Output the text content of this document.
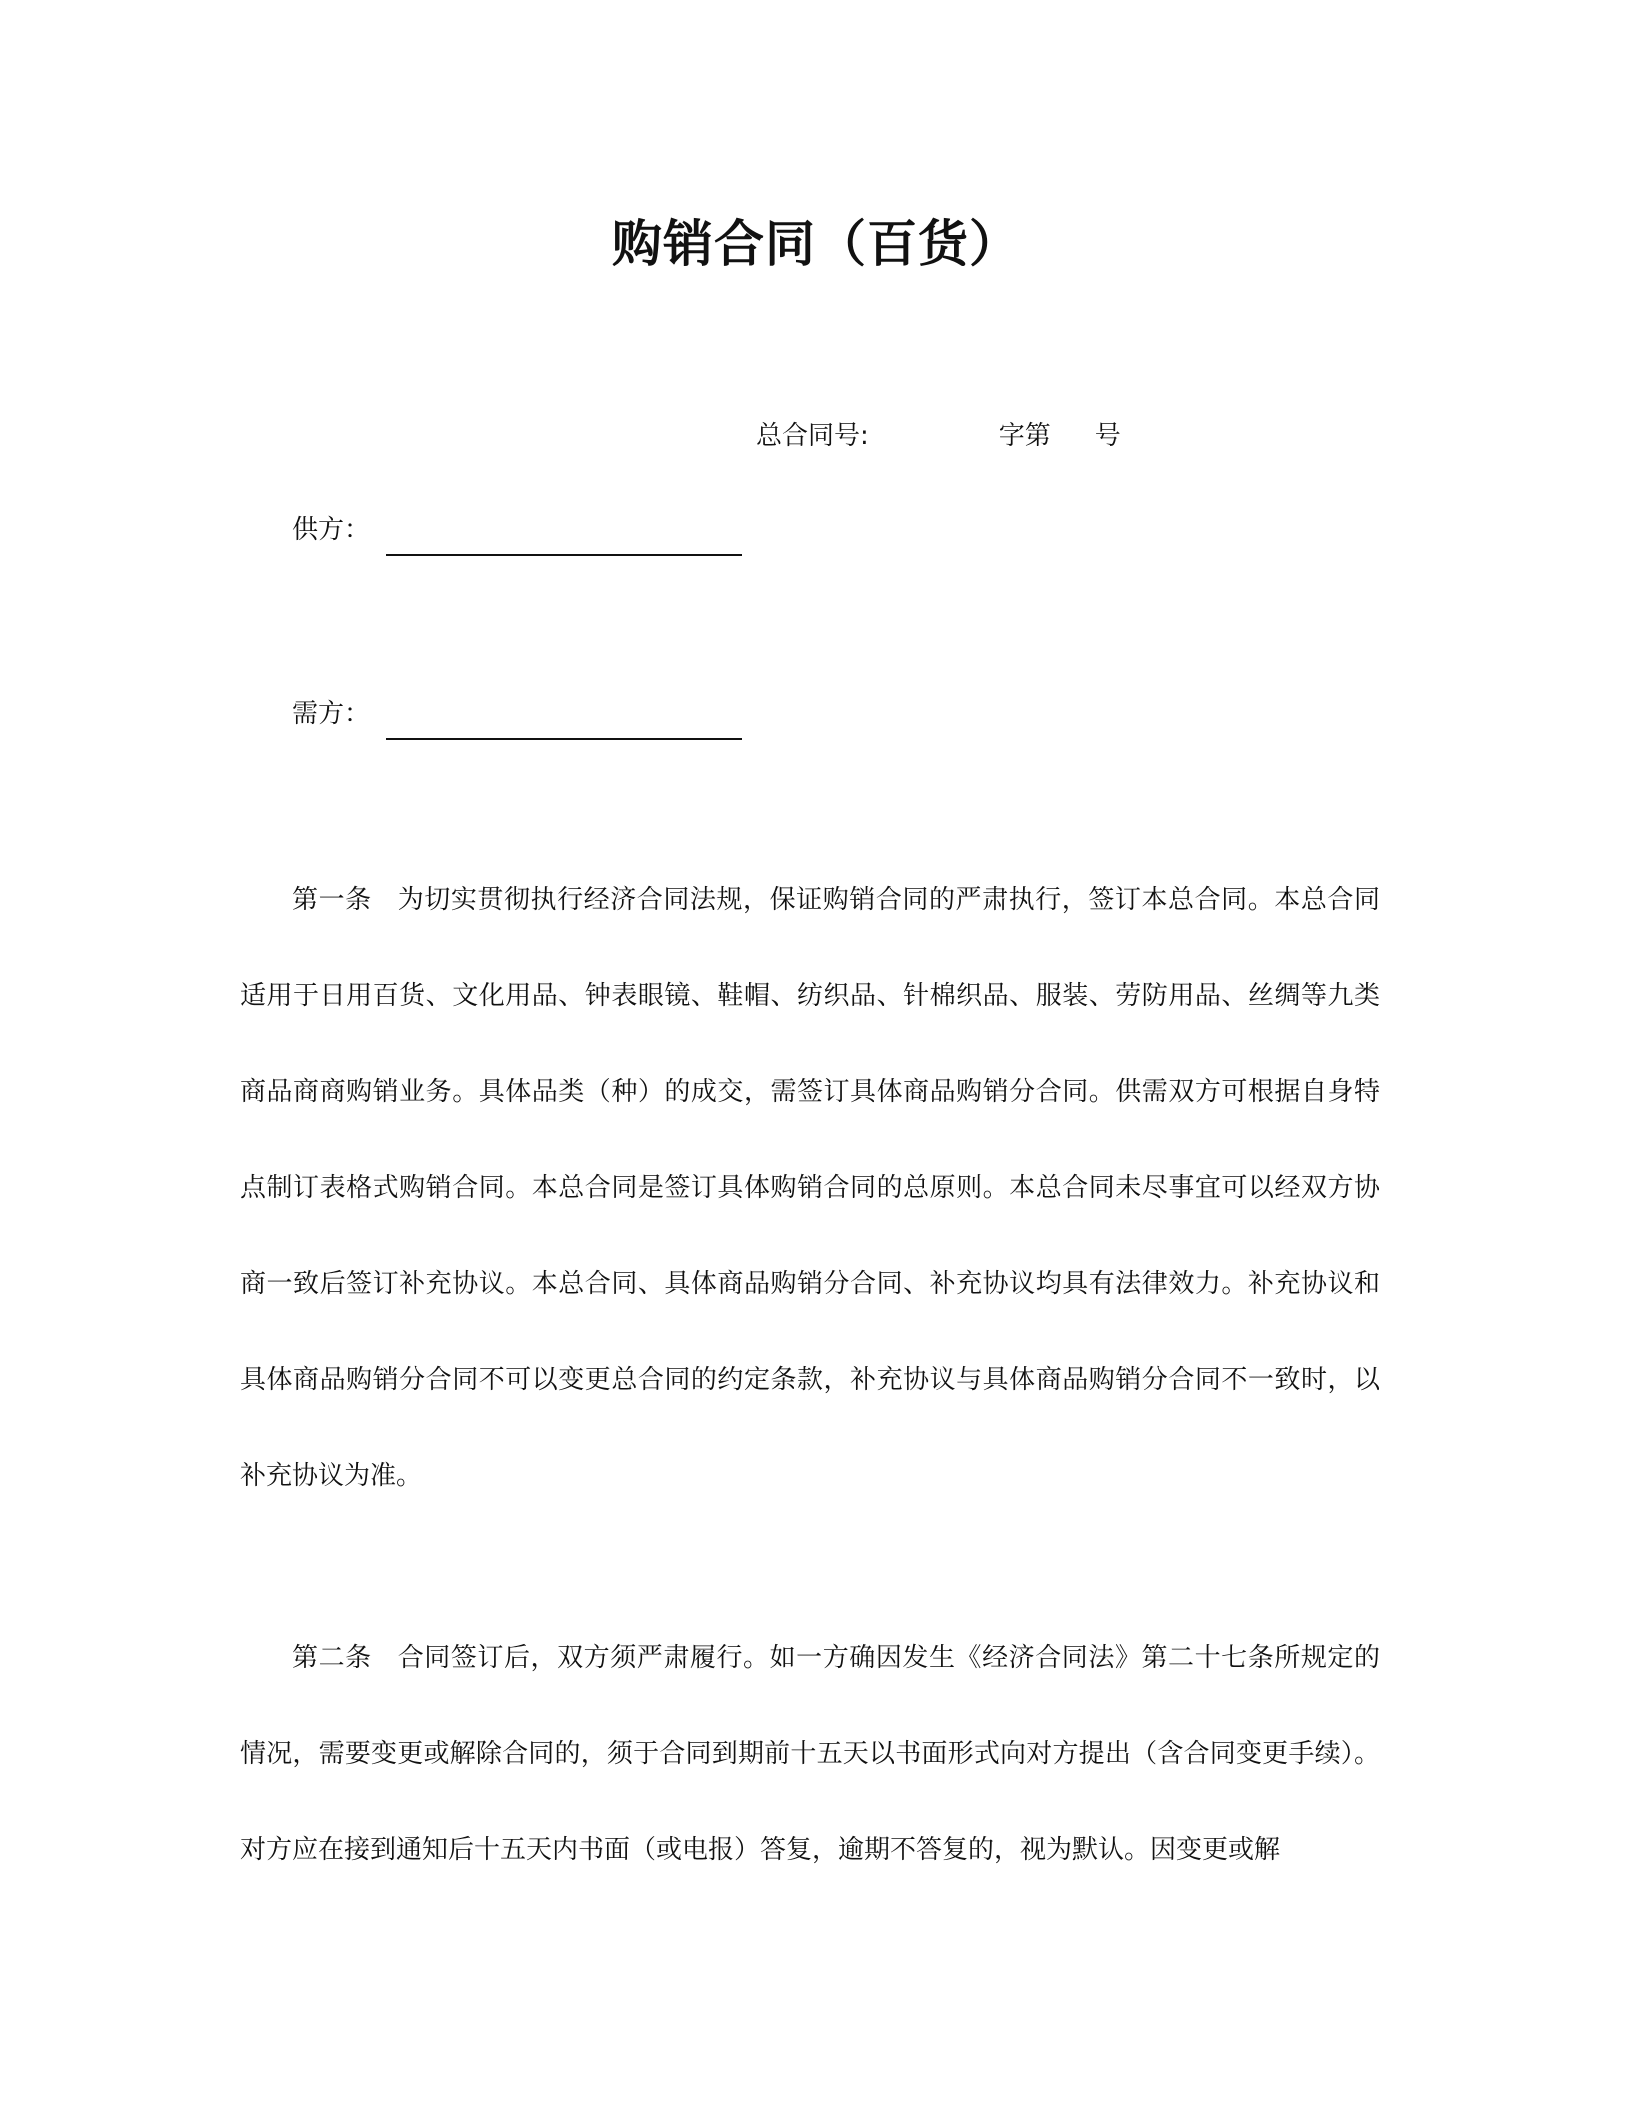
购销合同（百货）
总合同号:	字第 号
供方：
需方：

第一条 为切实贯彻执行经济合同法规，保证购销合同的严肃执行，签订本总合同。本总合同适用于日用百货、文化用品、钟表眼镜、鞋帽、纺织品、针棉织品、服装、劳防用品、丝绸等九类商品商商购销业务。具体品类（种）的成交，需签订具体商品购销分合同。供需双方可根据自身特点制订表格式购销合同。本总合同是签订具体购销合同的总原则。本总合同未尽事宜可以经双方协商一致后签订补充协议。本总合同、具体商品购销分合同、补充协议均具有法律效力。补充协议和具体商品购销分合同不可以变更总合同的约定条款，补充协议与具体商品购销分合同不一致时，以补充协议为准。

第二条 合同签订后，双方须严肃履行。如一方确因发生《经济合同法》第二十七条所规定的情况，需要变更或解除合同的，须于合同到期前十五天以书面形式向对方提出（含合同变更手续）。对方应在接到通知后十五天内书面（或电报）答复，逾期不答复的，视为默认。因变更或解
